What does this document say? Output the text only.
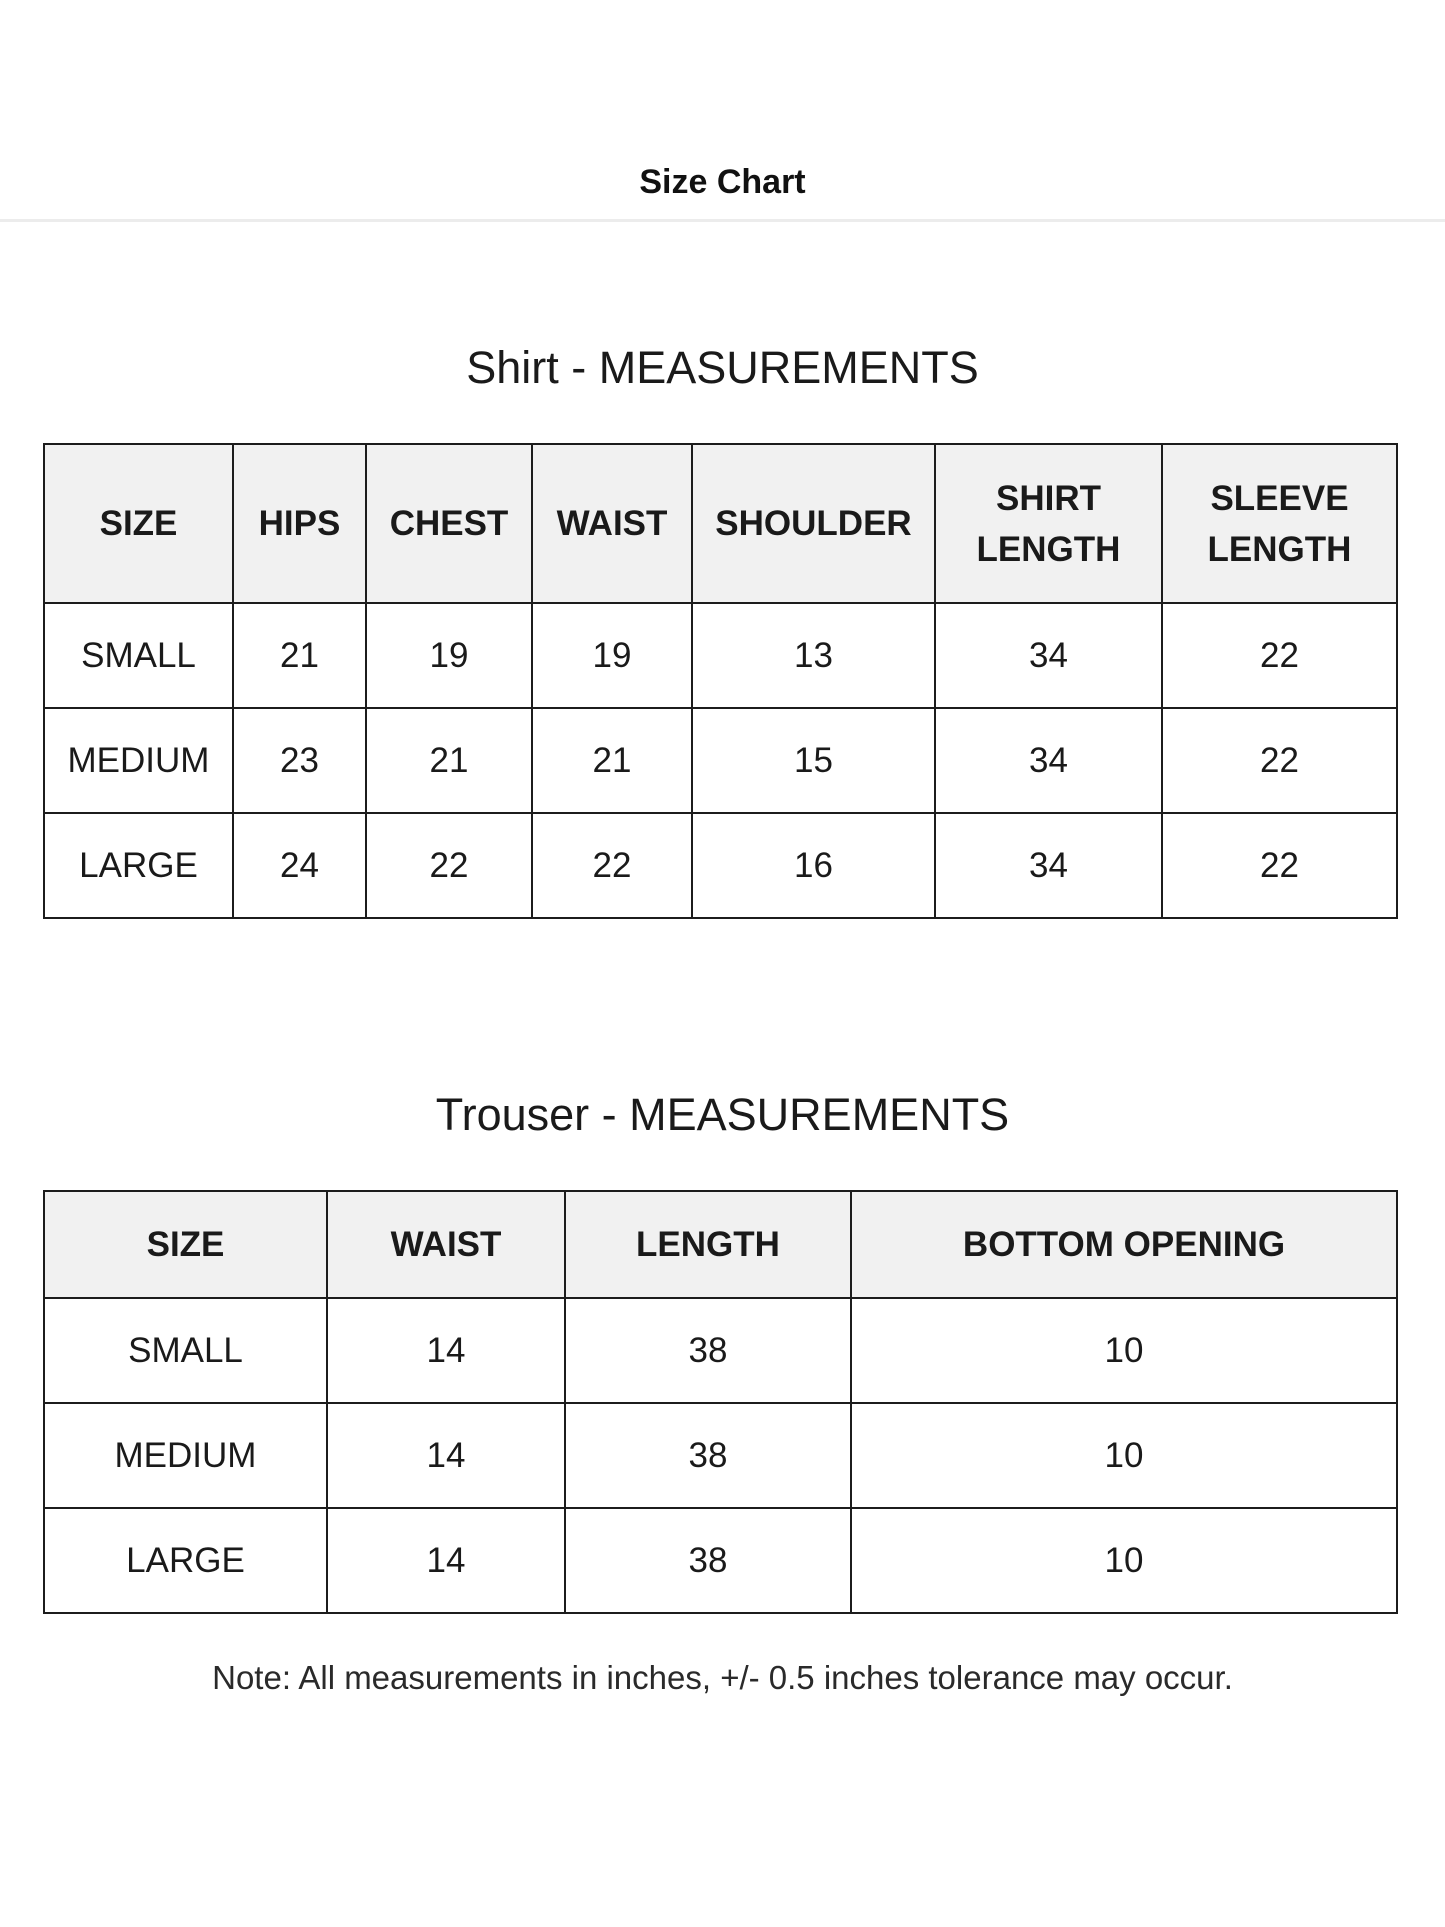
Size Chart
Shirt - MEASUREMENTS
SIZE	HIPS	CHEST	WAIST	SHOULDER	SHIRT LENGTH	SLEEVE LENGTH
SMALL	21	19	19	13	34	22
MEDIUM	23	21	21	15	34	22
LARGE	24	22	22	16	34	22
Trouser - MEASUREMENTS
SIZE	WAIST	LENGTH	BOTTOM OPENING
SMALL	14	38	10
MEDIUM	14	38	10
LARGE	14	38	10
Note: All measurements in inches, +/- 0.5 inches tolerance may occur.
